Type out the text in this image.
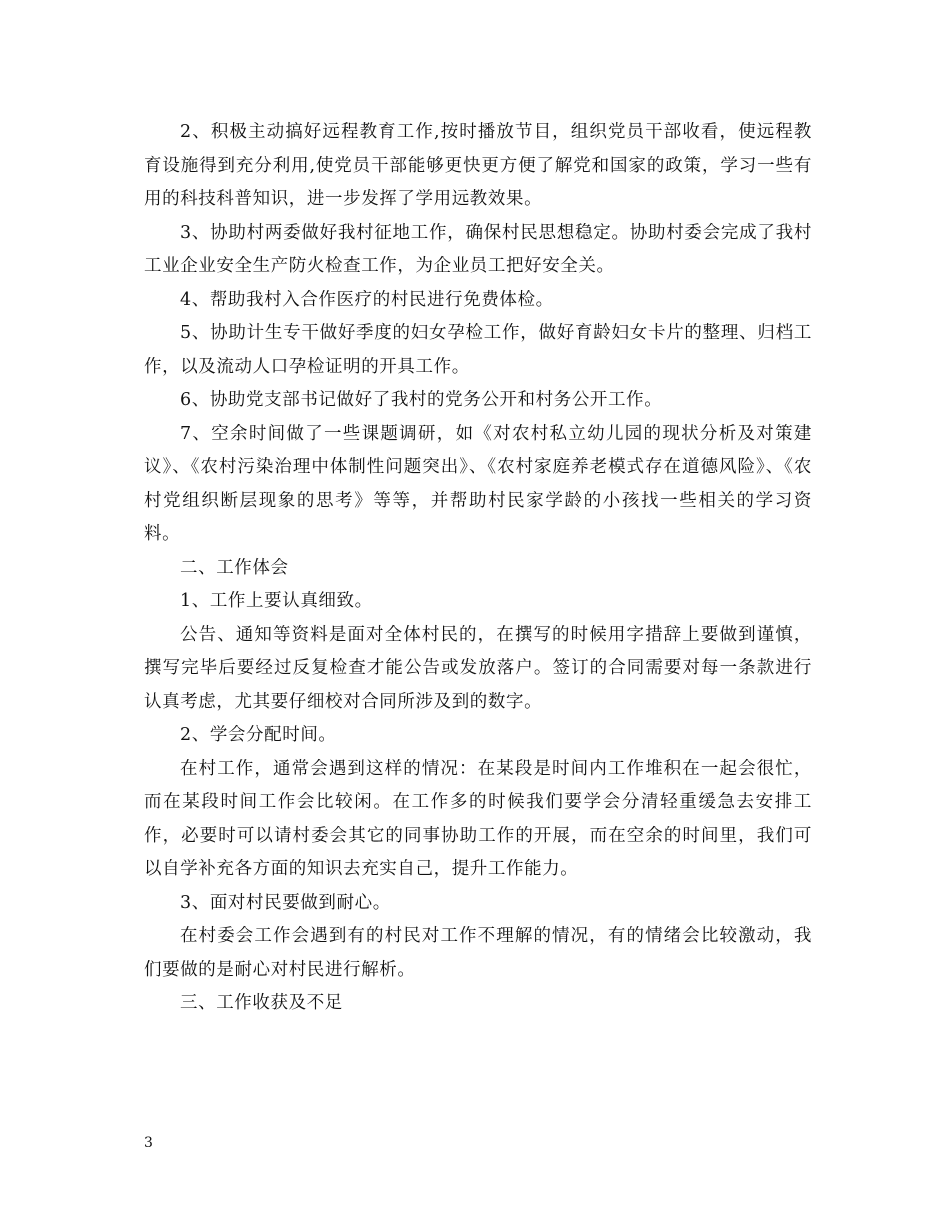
2、积极主动搞好远程教育工作,按时播放节目，组织党员干部收看，使远程教育设施得到充分利用,使党员干部能够更快更方便了解党和国家的政策，学习一些有用的科技科普知识，进一步发挥了学用远教效果。

3、协助村两委做好我村征地工作，确保村民思想稳定。协助村委会完成了我村工业企业安全生产防火检查工作，为企业员工把好安全关。

4、帮助我村入合作医疗的村民进行免费体检。

5、协助计生专干做好季度的妇女孕检工作，做好育龄妇女卡片的整理、归档工作，以及流动人口孕检证明的开具工作。

6、协助党支部书记做好了我村的党务公开和村务公开工作。

7、空余时间做了一些课题调研，如《对农村私立幼儿园的现状分析及对策建议》、《农村污染治理中体制性问题突出》、《农村家庭养老模式存在道德风险》、《农村党组织断层现象的思考》等等，并帮助村民家学龄的小孩找一些相关的学习资料。

二、工作体会

1、工作上要认真细致。

公告、通知等资料是面对全体村民的，在撰写的时候用字措辞上要做到谨慎，撰写完毕后要经过反复检查才能公告或发放落户。签订的合同需要对每一条款进行认真考虑，尤其要仔细校对合同所涉及到的数字。

2、学会分配时间。

在村工作，通常会遇到这样的情况：在某段是时间内工作堆积在一起会很忙，而在某段时间工作会比较闲。在工作多的时候我们要学会分清轻重缓急去安排工作，必要时可以请村委会其它的同事协助工作的开展，而在空余的时间里，我们可以自学补充各方面的知识去充实自己，提升工作能力。

3、面对村民要做到耐心。

在村委会工作会遇到有的村民对工作不理解的情况，有的情绪会比较激动，我们要做的是耐心对村民进行解析。

三、工作收获及不足

3
